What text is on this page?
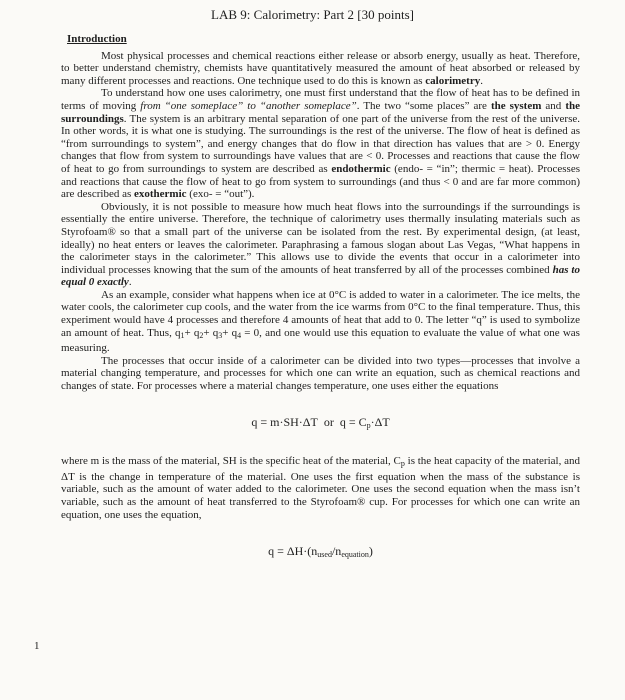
LAB 9: Calorimetry: Part 2 [30 points]
Introduction

Most physical processes and chemical reactions either release or absorb energy, usually as heat. Therefore, to better understand chemistry, chemists have quantitatively measured the amount of heat absorbed or released by many different processes and reactions. One technique used to do this is known as calorimetry.

To understand how one uses calorimetry, one must first understand that the flow of heat has to be defined in terms of moving from “one someplace” to “another someplace”. The two “some places” are the system and the surroundings. The system is an arbitrary mental separation of one part of the universe from the rest of the universe. In other words, it is what one is studying. The surroundings is the rest of the universe. The flow of heat is defined as “from surroundings to system”, and energy changes that do flow in that direction has values that are > 0. Energy changes that flow from system to surroundings have values that are < 0. Processes and reactions that cause the flow of heat to go from surroundings to system are described as endothermic (endo- = “in”; thermic = heat). Processes and reactions that cause the flow of heat to go from system to surroundings (and thus < 0 and are far more common) are described as exothermic (exo- = “out”).

Obviously, it is not possible to measure how much heat flows into the surroundings if the surroundings is essentially the entire universe. Therefore, the technique of calorimetry uses thermally insulating materials such as Styrofoam® so that a small part of the universe can be isolated from the rest. By experimental design, (at least, ideally) no heat enters or leaves the calorimeter. Paraphrasing a famous slogan about Las Vegas, “What happens in the calorimeter stays in the calorimeter.” This allows use to divide the events that occur in a calorimeter into individual processes knowing that the sum of the amounts of heat transferred by all of the processes combined has to equal 0 exactly.

As an example, consider what happens when ice at 0°C is added to water in a calorimeter. The ice melts, the water cools, the calorimeter cup cools, and the water from the ice warms from 0°C to the final temperature. Thus, this experiment would have 4 processes and therefore 4 amounts of heat that add to 0. The letter “q” is used to symbolize an amount of heat. Thus, $q_1+ q_2+ q_3+ q_4 = 0$, and one would use this equation to evaluate the value of what one was measuring.

The processes that occur inside of a calorimeter can be divided into two types—processes that involve a material changing temperature, and processes for which one can write an equation, such as chemical reactions and changes of state. For processes where a material changes temperature, one uses either the equations

q = m·SH·ΔT or $q = C_p\cdot\Delta T$

where m is the mass of the material, SH is the specific heat of the material, $C_p$ is the heat capacity of the material, and ΔT is the change in temperature of the material. One uses the first equation when the mass of the substance is variable, such as the amount of water added to the calorimeter. One uses the second equation when the mass isn’t variable, such as the amount of heat transferred to the Styrofoam® cup. For processes for which one can write an equation, one uses the equation,

$q = \Delta H\cdot(n_{used}/n_{equation})$

1
